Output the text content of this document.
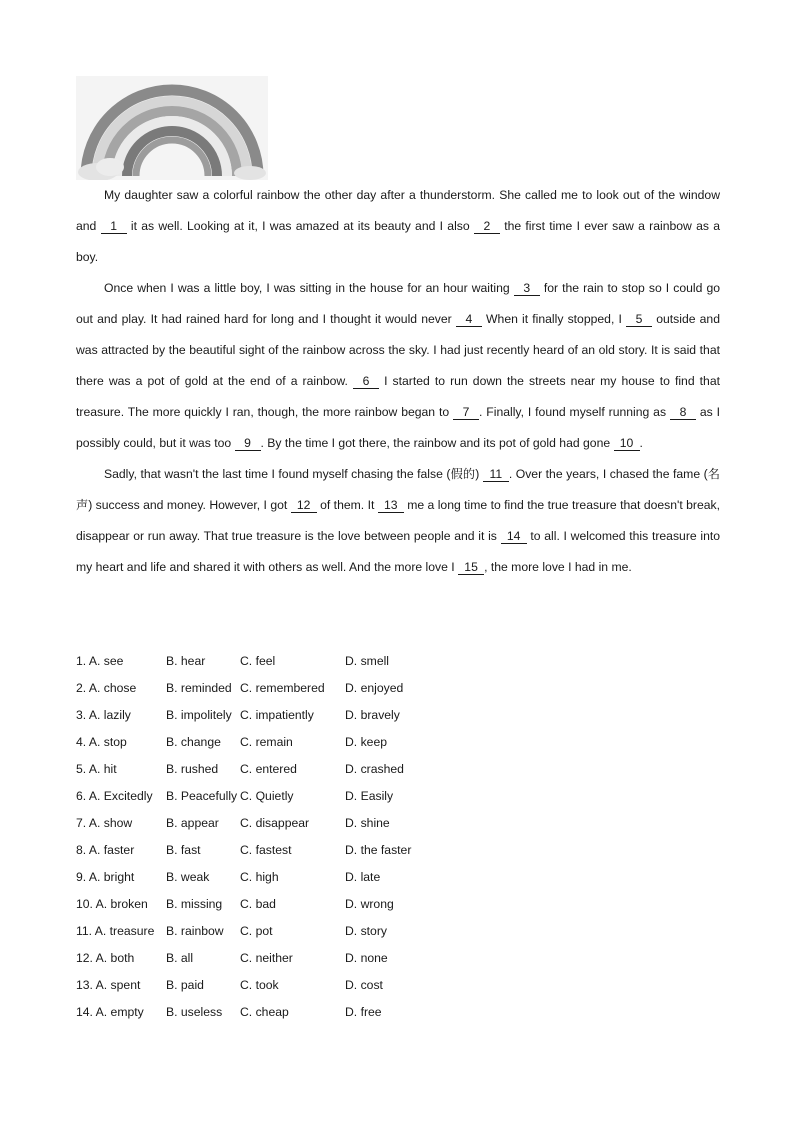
My daughter saw a colorful rainbow the other day after a thunderstorm. She called me to look out of the window and 1 it as well. Looking at it, I was amazed at its beauty and I also 2 the first time I ever saw a rainbow as a boy.

Once when I was a little boy, I was sitting in the house for an hour waiting 3 for the rain to stop so I could go out and play. It had rained hard for long and I thought it would never 4 When it finally stopped, I 5 outside and was attracted by the beautiful sight of the rainbow across the sky. I had just recently heard of an old story. It is said that there was a pot of gold at the end of a rainbow. 6 I started to run down the streets near my house to find that treasure. The more quickly I ran, though, the more rainbow began to 7 . Finally, I found myself running as 8 as I possibly could, but it was too 9 . By the time I got there, the rainbow and its pot of gold had gone 10 .

Sadly, that wasn't the last time I found myself chasing the false (假的) 11 . Over the years, I chased the fame (名声) success and money. However, I got 12 of them. It 13 me a long time to find the true treasure that doesn't break, disappear or run away. That true treasure is the love between people and it is 14 to all. I welcomed this treasure into my heart and life and shared it with others as well. And the more love I 15 , the more love I had in me.

1. A. see	B. hear	C. feel	D. smell
2. A. chose	B. reminded C. remembered	D. enjoyed
3. A. lazily	B. impolitely C. impatiently	D. bravely
4. A. stop	B. change	C. remain	D. keep
5. A. hit	B. rushed	C. entered	D. crashed
6. A. Excitedly	B. Peacefully C. Quietly	D. Easily
7. A. show	B. appear	C. disappear	D. shine
8. A. faster	B. fast	C. fastest	D. the faster
9. A. bright	B. weak	C. high	D. late
10. A. broken	B. missing	C. bad	D. wrong
11. A. treasure B. rainbow	C. pot	D. story
12. A. both	B. all	C. neither	D. none
13. A. spent	B. paid	C. took	D. cost
14. A. empty	B. useless	C. cheap	D. free
